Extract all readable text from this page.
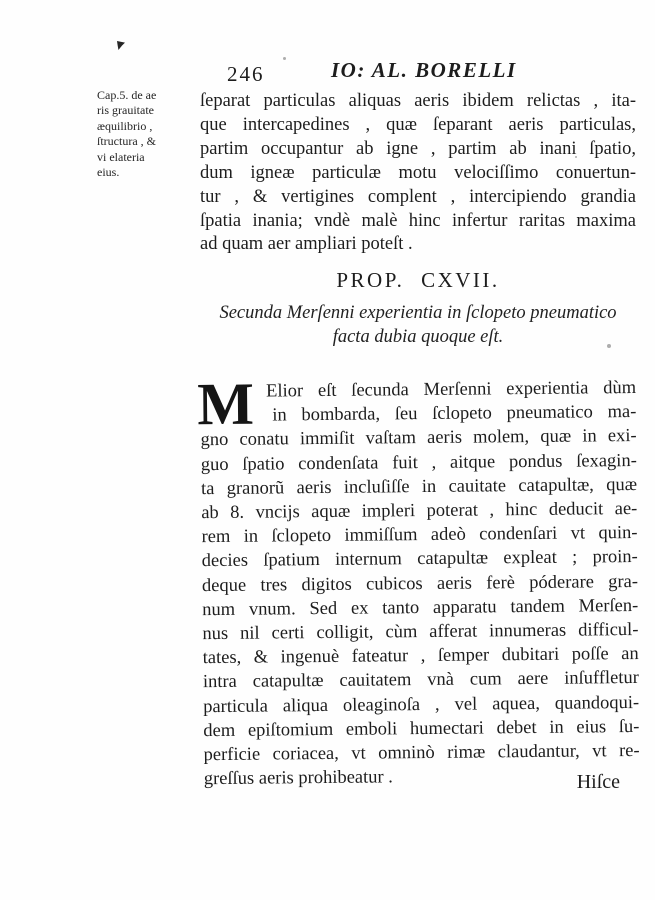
246	IO: AL. BORELLI
Cap.5. de ae
ris grauitate
æquilibrio ,
ſtructura , &
vi elateria
eius.
ſeparat particulas aliquas aeris ibidem relictas , ita-
que intercapedines , quæ ſeparant aeris particulas,
partim occupantur ab igne , partim ab inani ſpatio,
dum igneæ particulæ motu velociſſimo conuertun-
tur , & vertigines complent , intercipiendo grandia
ſpatia inania; vndè malè hinc infertur raritas maxima
ad quam aer ampliari poteſt .
PROP. CXVII.
Secunda Merſenni experientia in ſclopeto pneumatico
facta dubia quoque eſt.
M Elior eſt ſecunda Merſenni experientia dùm
in bombarda, ſeu ſclopeto pneumatico ma-
gno conatu immiſit vaſtam aeris molem, quæ in exi-
guo ſpatio condenſata fuit , aitque pondus ſexagin-
ta granorũ aeris incluſiſſe in cauitate catapultæ, quæ
ab 8. vncijs aquæ impleri poterat , hinc deducit ae-
rem in ſclopeto immiſſum adeò condenſari vt quin-
decies ſpatium internum catapultæ expleat ; proin-
deque tres digitos cubicos aeris ferè póderare gra-
num vnum. Sed ex tanto apparatu tandem Merſen-
nus nil certi colligit, cùm afferat innumeras difficul-
tates, & ingenuè fateatur , ſemper dubitari poſſe an
intra catapultæ cauitatem vnà cum aere inſuffletur
particula aliqua oleaginoſa , vel aquea, quandoqui-
dem epiſtomium emboli humectari debet in eius ſu-
perficie coriacea, vt omninò rimæ claudantur, vt re-
greſſus aeris prohibeatur .	Hiſce
